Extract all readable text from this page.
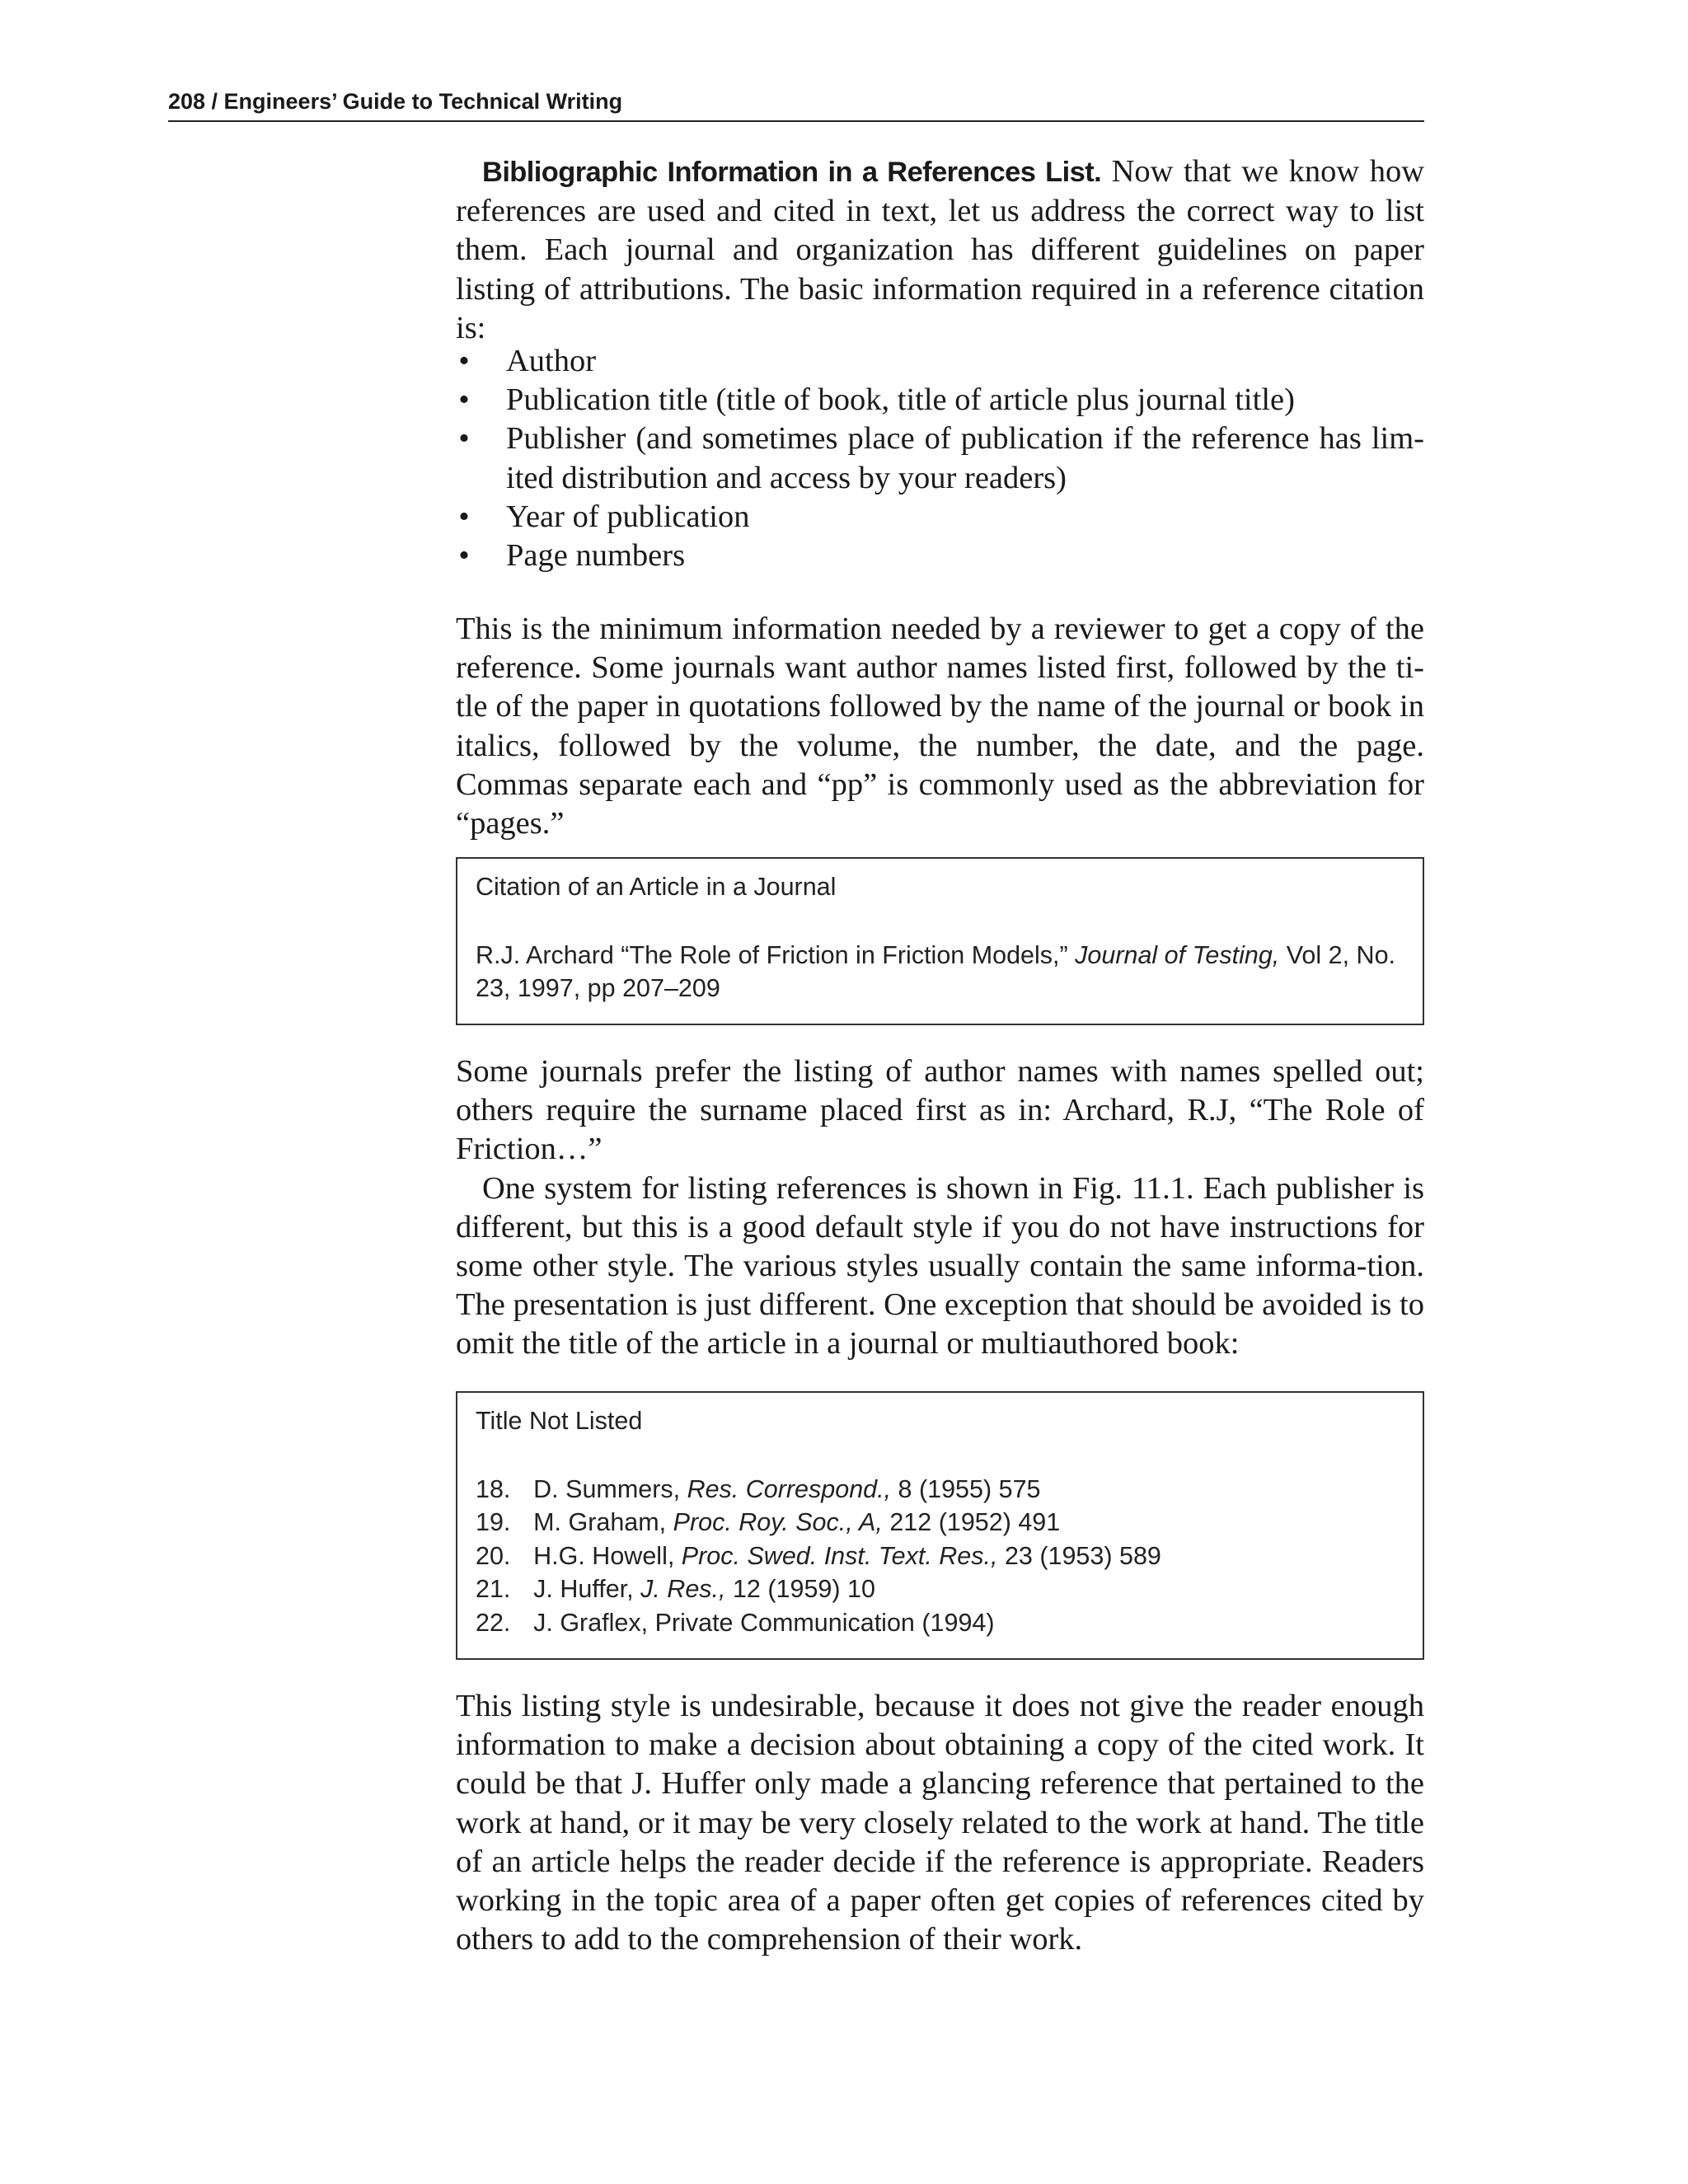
208 / Engineers’ Guide to Technical Writing

Bibliographic Information in a References List. Now that we know how references are used and cited in text, let us address the correct way to list them. Each journal and organization has different guidelines on paper listing of attributions. The basic information required in a reference citation is:

• Author
• Publication title (title of book, title of article plus journal title)
• Publisher (and sometimes place of publication if the reference has lim-ited distribution and access by your readers)
• Year of publication
• Page numbers

This is the minimum information needed by a reviewer to get a copy of the reference. Some journals want author names listed first, followed by the ti-tle of the paper in quotations followed by the name of the journal or book in italics, followed by the volume, the number, the date, and the page. Commas separate each and “pp” is commonly used as the abbreviation for “pages.”

Citation of an Article in a Journal
R.J. Archard “The Role of Friction in Friction Models,” Journal of Testing, Vol 2, No. 23, 1997, pp 207–209

Some journals prefer the listing of author names with names spelled out; others require the surname placed first as in: Archard, R.J, “The Role of Friction…”

One system for listing references is shown in Fig. 11.1. Each publisher is different, but this is a good default style if you do not have instructions for some other style. The various styles usually contain the same informa-tion. The presentation is just different. One exception that should be avoided is to omit the title of the article in a journal or multiauthored book:

Title Not Listed
18. D. Summers, Res. Correspond., 8 (1955) 575
19. M. Graham, Proc. Roy. Soc., A, 212 (1952) 491
20. H.G. Howell, Proc. Swed. Inst. Text. Res., 23 (1953) 589
21. J. Huffer, J. Res., 12 (1959) 10
22. J. Graflex, Private Communication (1994)

This listing style is undesirable, because it does not give the reader enough information to make a decision about obtaining a copy of the cited work. It could be that J. Huffer only made a glancing reference that pertained to the work at hand, or it may be very closely related to the work at hand. The title of an article helps the reader decide if the reference is appropriate. Readers working in the topic area of a paper often get copies of references cited by others to add to the comprehension of their work.
